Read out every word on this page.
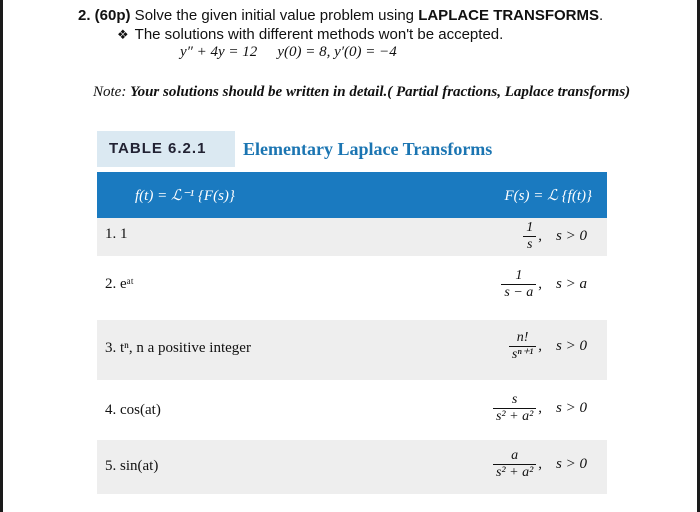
2. (60p) Solve the given initial value problem using LAPLACE TRANSFORMS.
❖ The solutions with different methods won't be accepted.
y″ + 4y = 12 y(0) = 8, y′(0) = −4
Note: Your solutions should be written in detail.( Partial fractions, Laplace transforms)
TABLE 6.2.1	Elementary Laplace Transforms
f(t) = ℒ⁻¹ {F(s)}	F(s) = ℒ {f(t)}
1. 1	$\frac{1}{s}$ , s > 0
2. eᵃᵗ	$\frac{1}{s - a}$ , s > a
3. tⁿ, n a positive integer	$\frac{n!}{\text{sⁿ⁺¹}}$ , s > 0
4. cos(at)	$\frac{s}{\text{s² + a²}}$ , s > 0
5. sin(at)	$\frac{a}{\text{s² + a²}}$ , s > 0
